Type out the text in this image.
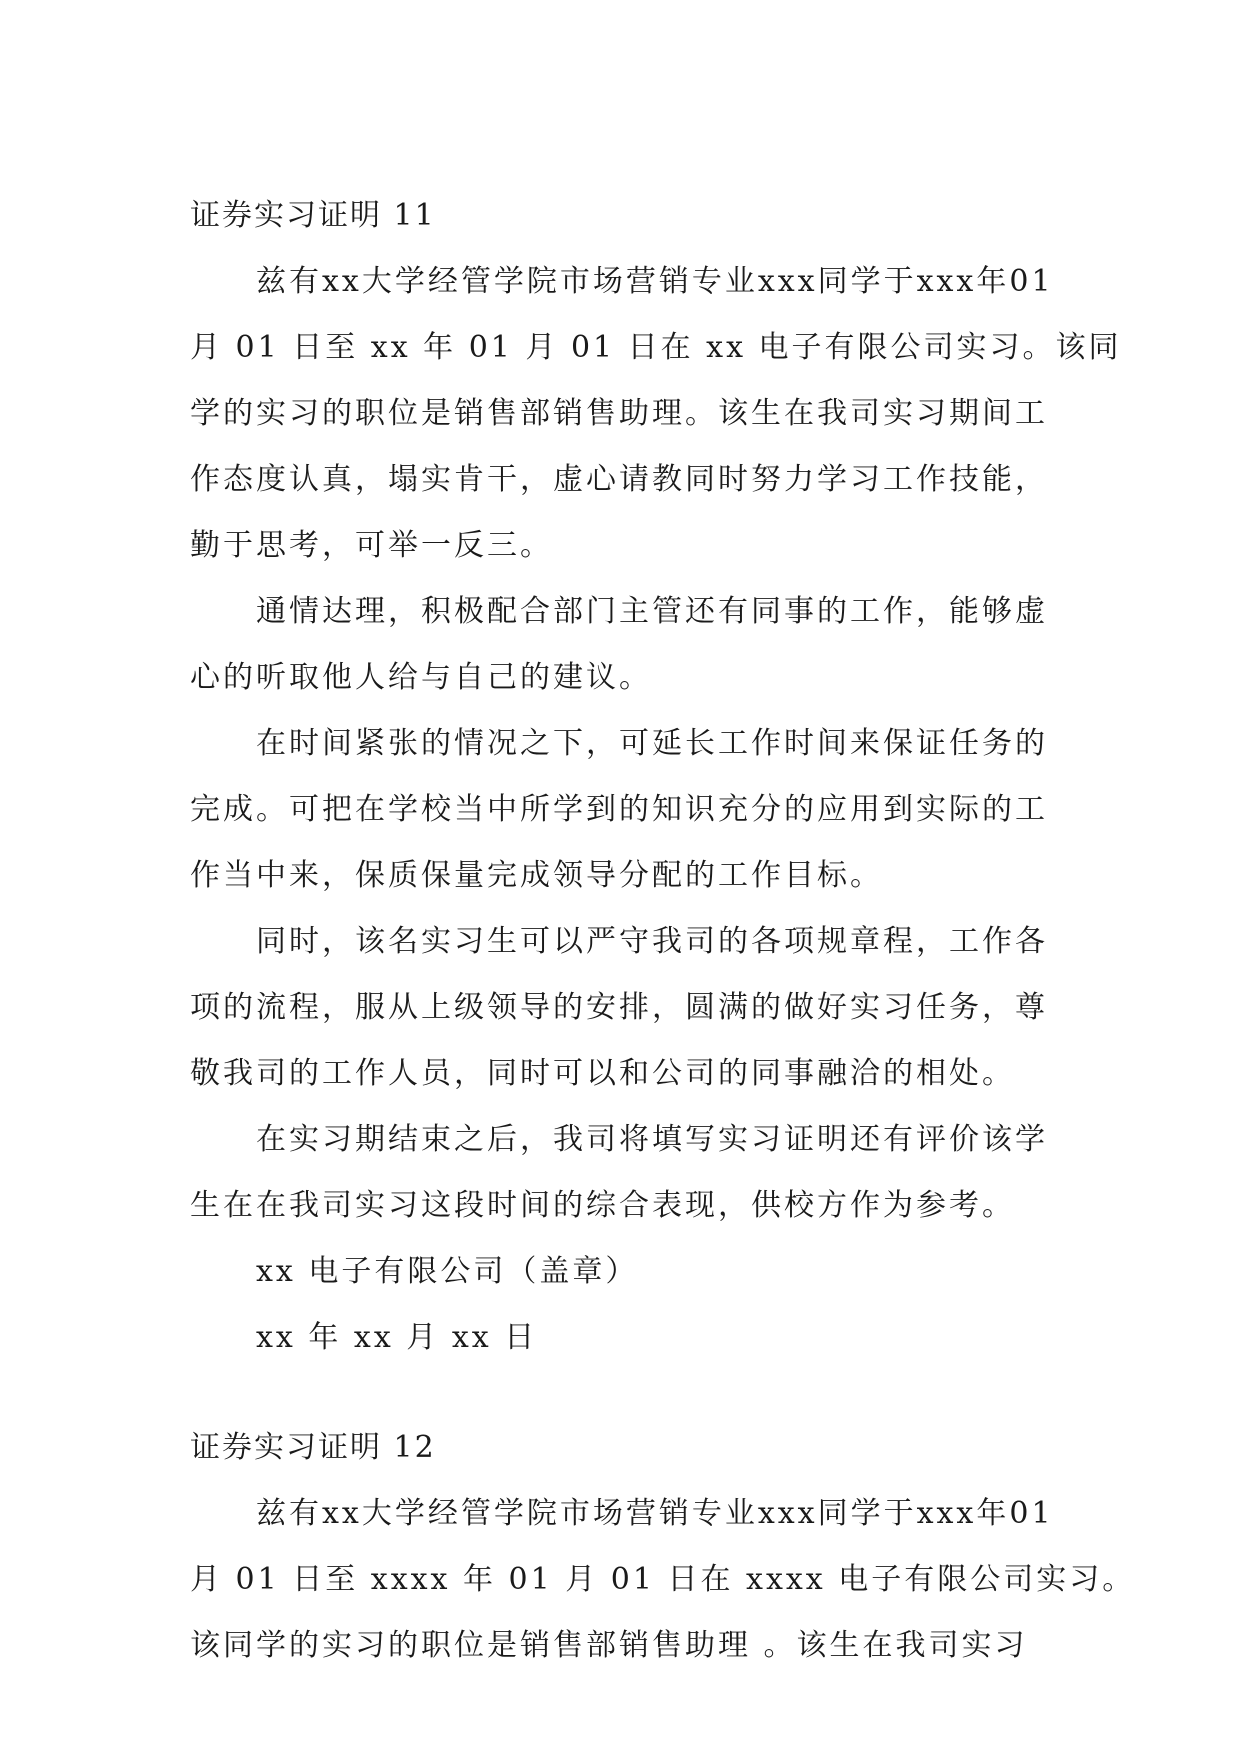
证券实习证明 11
兹有xx大学经管学院市场营销专业xxx同学于xxx年01
月 01 日至 xx 年 01 月 01 日在 xx 电子有限公司实习。该同
学的实习的职位是销售部销售助理。该生在我司实习期间工
作态度认真，塌实肯干，虚心请教同时努力学习工作技能，
勤于思考，可举一反三。
通情达理，积极配合部门主管还有同事的工作，能够虚
心的听取他人给与自己的建议。
在时间紧张的情况之下，可延长工作时间来保证任务的
完成。可把在学校当中所学到的知识充分的应用到实际的工
作当中来，保质保量完成领导分配的工作目标。
同时，该名实习生可以严守我司的各项规章程，工作各
项的流程，服从上级领导的安排，圆满的做好实习任务，尊
敬我司的工作人员，同时可以和公司的同事融洽的相处。
在实习期结束之后，我司将填写实习证明还有评价该学
生在在我司实习这段时间的综合表现，供校方作为参考。
xx 电子有限公司（盖章）
xx 年 xx 月 xx 日
证券实习证明 12
兹有xx大学经管学院市场营销专业xxx同学于xxx年01
月 01 日至 xxxx 年 01 月 01 日在 xxxx 电子有限公司实习。
该同学的实习的职位是销售部销售助理 。该生在我司实习
